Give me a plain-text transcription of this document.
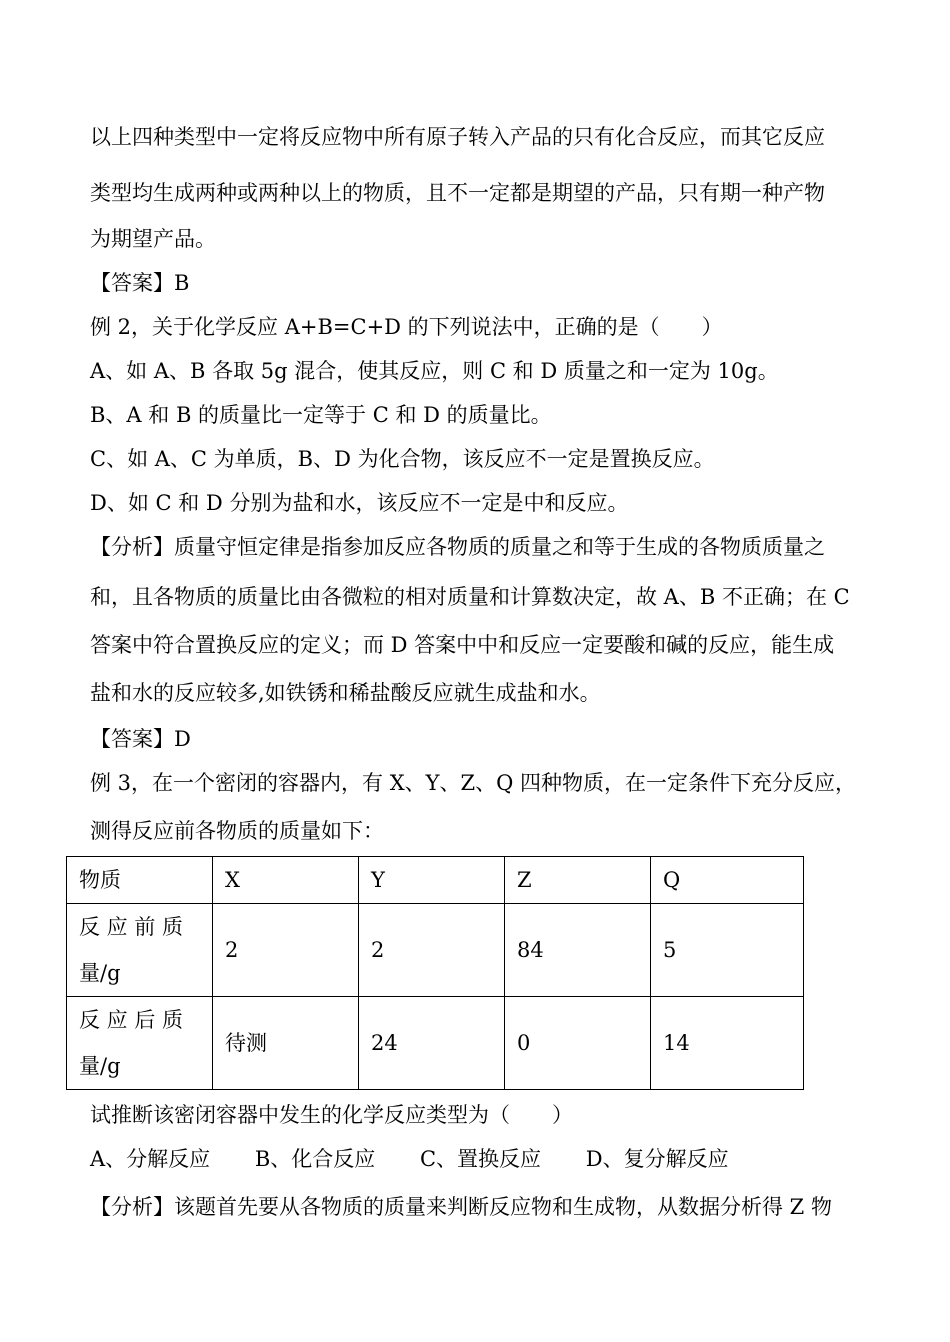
以上四种类型中一定将反应物中所有原子转入产品的只有化合反应，而其它反应
类型均生成两种或两种以上的物质，且不一定都是期望的产品，只有期一种产物
为期望产品。
【答案】B
例 2，关于化学反应 A+B=C+D 的下列说法中，正确的是（　　）
A、如 A、B 各取 5g 混合，使其反应，则 C 和 D 质量之和一定为 10g。
B、A 和 B 的质量比一定等于 C 和 D 的质量比。
C、如 A、C 为单质，B、D 为化合物，该反应不一定是置换反应。
D、如 C 和 D 分别为盐和水，该反应不一定是中和反应。
【分析】质量守恒定律是指参加反应各物质的质量之和等于生成的各物质质量之
和，且各物质的质量比由各微粒的相对质量和计算数决定，故 A、B 不正确；在 C
答案中符合置换反应的定义；而 D 答案中中和反应一定要酸和碱的反应，能生成
盐和水的反应较多,如铁锈和稀盐酸反应就生成盐和水。
【答案】D
例 3，在一个密闭的容器内，有 X、Y、Z、Q 四种物质，在一定条件下充分反应，
测得反应前各物质的质量如下：
物质	X	Y	Z	Q

反 应 前 质
量/g	2	2	84	5

反 应 后 质
量/g	待测	24	0	14
试推断该密闭容器中发生的化学反应类型为（　　）
A、分解反应 B、化合反应 C、置换反应 D、复分解反应
【分析】该题首先要从各物质的质量来判断反应物和生成物，从数据分析得 Z 物
